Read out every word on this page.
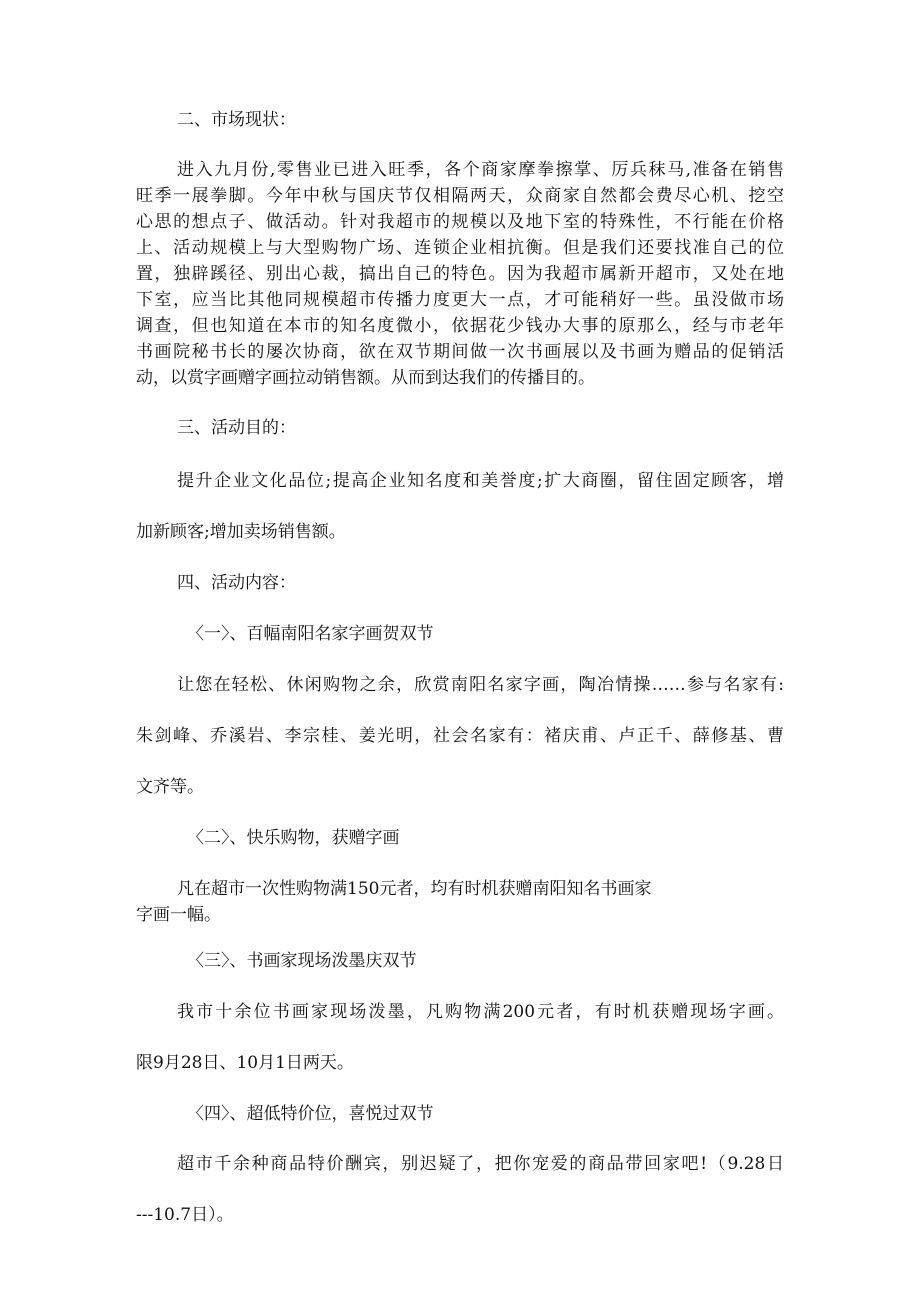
二、市场现状：
进入九月份,零售业已进入旺季，各个商家摩拳擦掌、厉兵秣马,准备在销售
旺季一展拳脚。今年中秋与国庆节仅相隔两天，众商家自然都会费尽心机、挖空
心思的想点子、做活动。针对我超市的规模以及地下室的特殊性，不行能在价格
上、活动规模上与大型购物广场、连锁企业相抗衡。但是我们还要找准自己的位
置，独辟蹊径、别出心裁，搞出自己的特色。因为我超市属新开超市，又处在地
下室，应当比其他同规模超市传播力度更大一点，才可能稍好一些。虽没做市场
调查，但也知道在本市的知名度微小，依据花少钱办大事的原那么，经与市老年
书画院秘书长的屡次协商，欲在双节期间做一次书画展以及书画为赠品的促销活
动，以赏字画赠字画拉动销售额。从而到达我们的传播目的。
三、活动目的：
提升企业文化品位;提高企业知名度和美誉度;扩大商圈，留住固定顾客，增
加新顾客;增加卖场销售额。
四、活动内容：
〈一〉、百幅南阳名家字画贺双节
让您在轻松、休闲购物之余，欣赏南阳名家字画，陶冶情操……参与名家有:
朱剑峰、乔溪岩、李宗桂、姜光明，社会名家有：褚庆甫、卢正千、薛修基、曹
文齐等。
〈二〉、快乐购物，获赠字画
凡在超市一次性购物满150元者，均有时机获赠南阳知名书画家
字画一幅。
〈三〉、书画家现场泼墨庆双节
我市十余位书画家现场泼墨，凡购物满200元者，有时机获赠现场字画。
限9月28日、10月1日两天。
〈四〉、超低特价位，喜悦过双节
超市千余种商品特价酬宾，别迟疑了，把你宠爱的商品带回家吧!（9.28日
---10.7日）。
